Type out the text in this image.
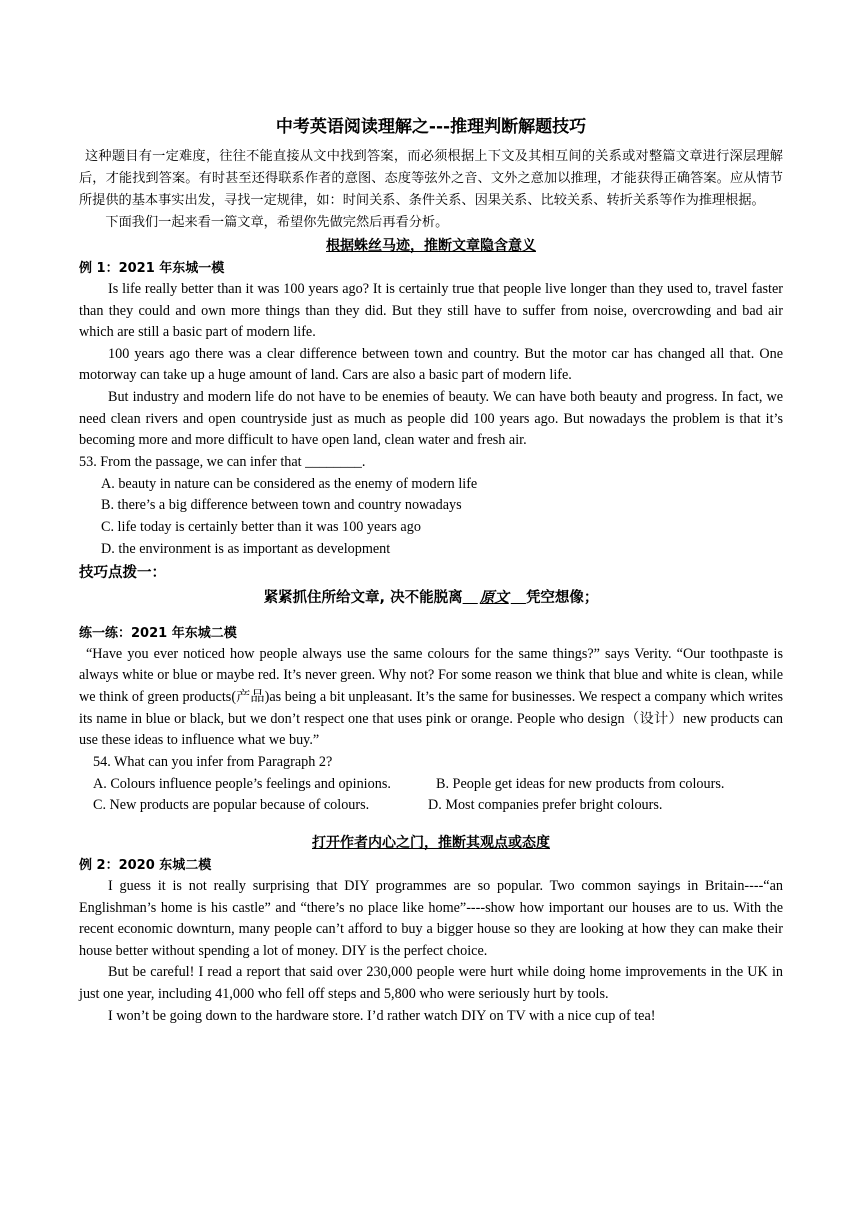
中考英语阅读理解之---推理判断解题技巧

这种题目有一定难度，往往不能直接从文中找到答案，而必须根据上下文及其相互间的关系或对整篇文章进行深层理解后，才能找到答案。有时甚至还得联系作者的意图、态度等弦外之音、文外之意加以推理，才能获得正确答案。应从情节所提供的基本事实出发，寻找一定规律，如：时间关系、条件关系、因果关系、比较关系、转折关系等作为推理根据。

下面我们一起来看一篇文章，希望你先做完然后再看分析。

根据蛛丝马迹，推断文章隐含意义

例 1：2021 年东城一模

Is life really better than it was 100 years ago? It is certainly true that people live longer than they used to, travel faster than they could and own more things than they did. But they still have to suffer from noise, overcrowding and bad air which are still a basic part of modern life.

100 years ago there was a clear difference between town and country. But the motor car has changed all that. One motorway can take up a huge amount of land. Cars are also a basic part of modern life.

But industry and modern life do not have to be enemies of beauty. We can have both beauty and progress. In fact, we need clean rivers and open countryside just as much as people did 100 years ago. But nowadays the problem is that it’s becoming more and more difficult to have open land, clean water and fresh air.

53. From the passage, we can infer that ________.

A. beauty in nature can be considered as the enemy of modern life

B. there’s a big difference between town and country nowadays

C. life today is certainly better than it was 100 years ago

D. the environment is as important as development

技巧点拨一：

紧紧抓住所给文章, 决不能脱离 原文 凭空想像；

练一练：2021 年东城二模

“Have you ever noticed how people always use the same colours for the same things?” says Verity. “Our toothpaste is always white or blue or maybe red. It’s never green. Why not? For some reason we think that blue and white is clean, while we think of green products(产品)as being a bit unpleasant. It’s the same for businesses. We respect a company which writes its name in blue or black, but we don’t respect one that uses pink or orange. People who design（设计）new products can use these ideas to influence what we buy.”

54. What can you infer from Paragraph 2?

A. Colours influence people’s feelings and opinions.	B. People get ideas for new products from colours.
C. New products are popular because of colours.	D. Most companies prefer bright colours.

打开作者内心之门，推断其观点或态度

例 2：2020 东城二模

I guess it is not really surprising that DIY programmes are so popular. Two common sayings in Britain----“an Englishman’s home is his castle” and “there’s no place like home”----show how important our houses are to us. With the recent economic downturn, many people can’t afford to buy a bigger house so they are looking at how they can make their house better without spending a lot of money. DIY is the perfect choice.

But be careful! I read a report that said over 230,000 people were hurt while doing home improvements in the UK in just one year, including 41,000 who fell off steps and 5,800 who were seriously hurt by tools.

I won’t be going down to the hardware store. I’d rather watch DIY on TV with a nice cup of tea!
